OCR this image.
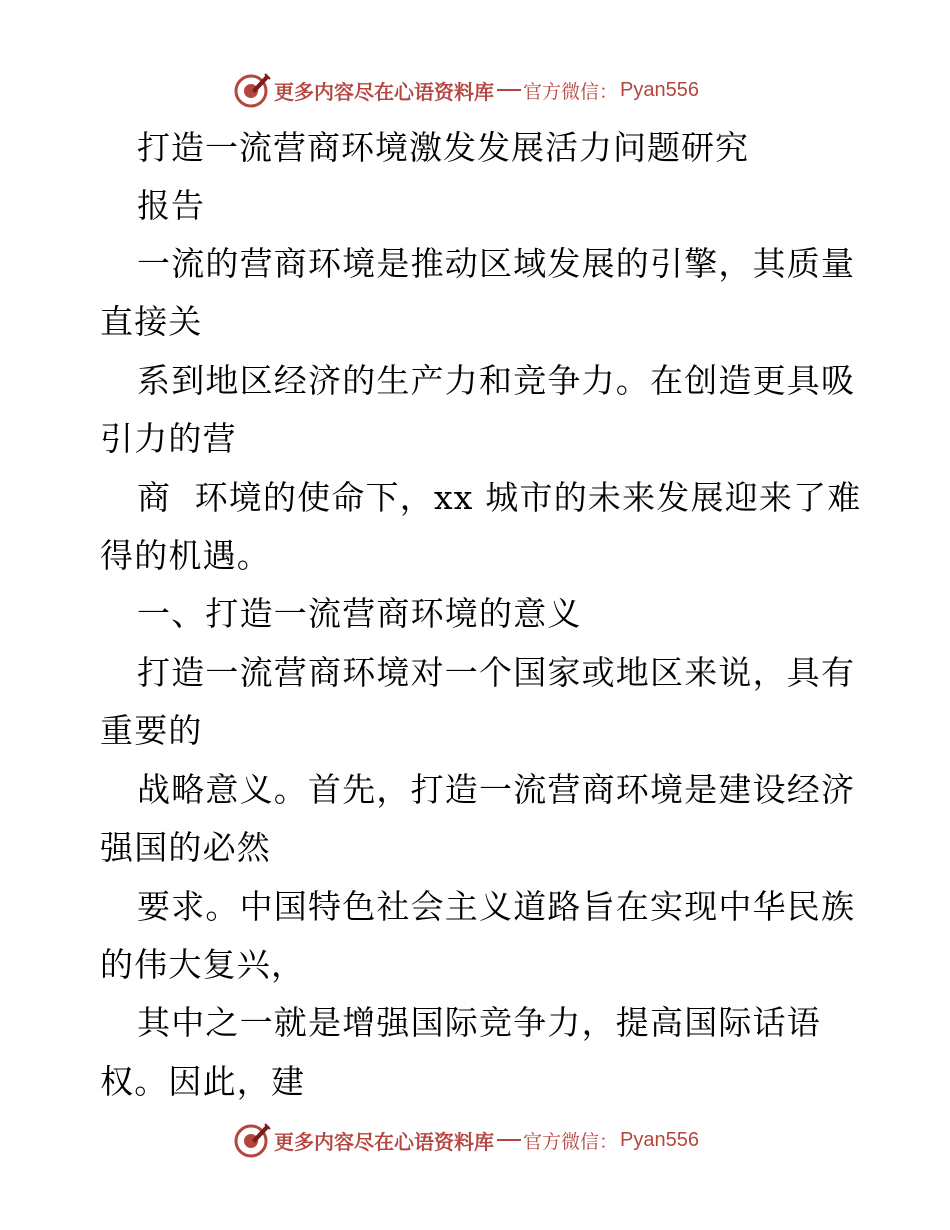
更多内容尽在心语资料库 官方微信： Pyan556
打造一流营商环境激发发展活力问题研究
报告
一流的营商环境是推动区域发展的引擎，其质量
直接关
系到地区经济的生产力和竞争力。在创造更具吸
引力的营
商  环境的使命下，xx 城市的未来发展迎来了难
得的机遇。
一、打造一流营商环境的意义
打造一流营商环境对一个国家或地区来说，具有
重要的
战略意义。首先，打造一流营商环境是建设经济
强国的必然
要求。中国特色社会主义道路旨在实现中华民族
的伟大复兴，
其中之一就是增强国际竞争力，提高国际话语
权。因此，建
更多内容尽在心语资料库 官方微信： Pyan556
